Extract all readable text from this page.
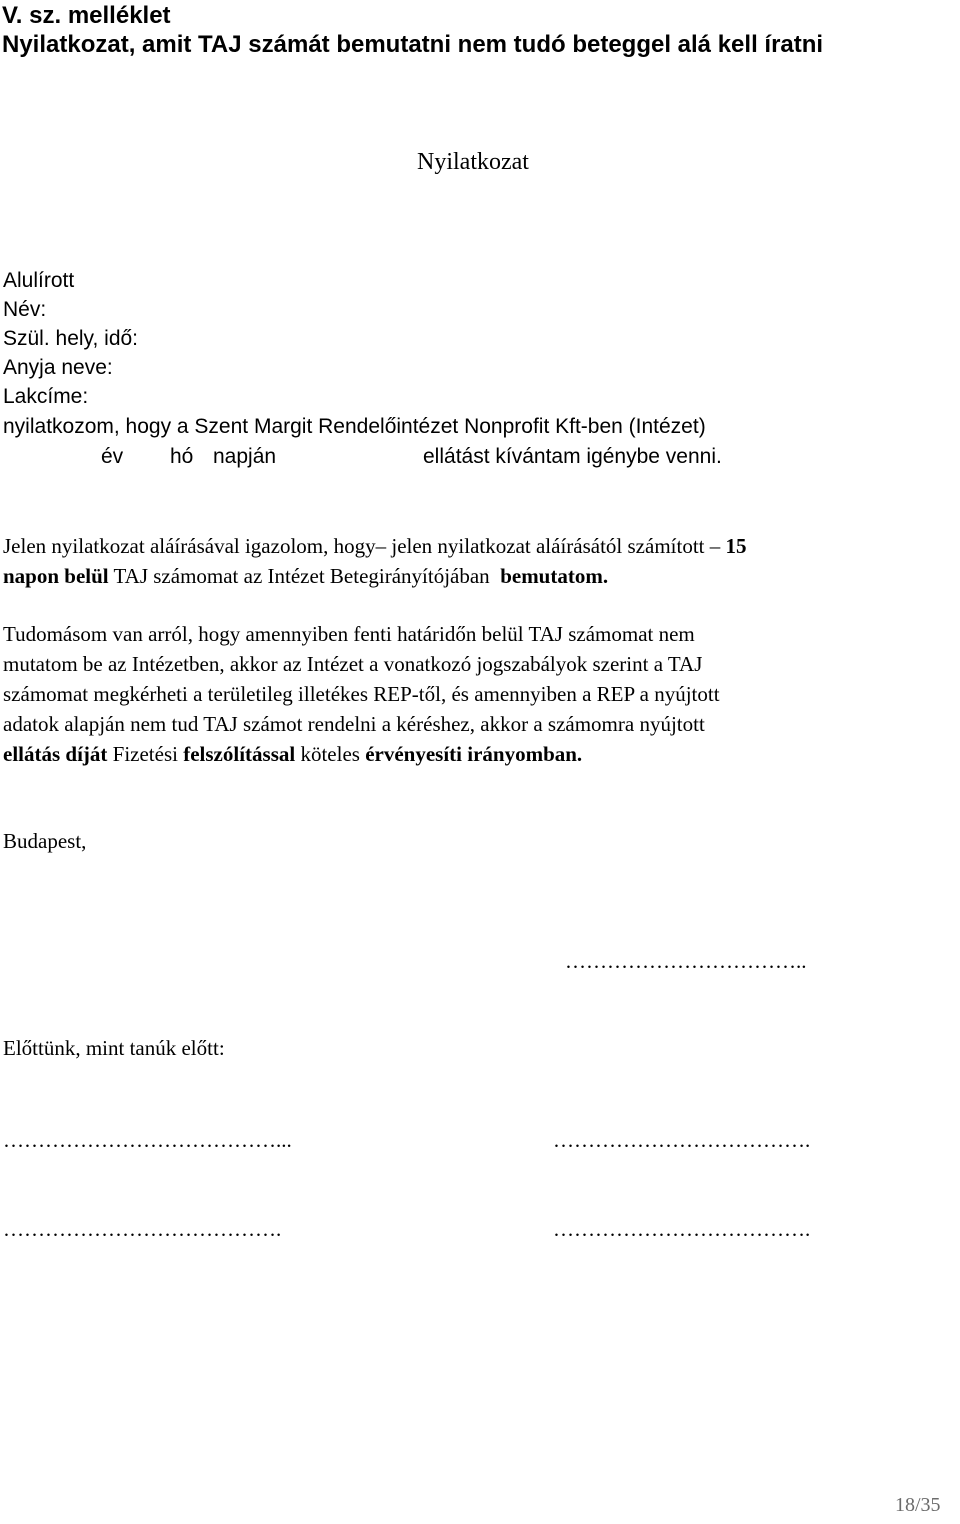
V. sz. melléklet
Nyilatkozat, amit TAJ számát bemutatni nem tudó beteggel alá kell íratni
Nyilatkozat
Alulírott
Név:
Szül. hely, idő:
Anyja neve:
Lakcíme:
nyilatkozom, hogy a Szent Margit Rendelőintézet Nonprofit Kft-ben (Intézet)
év hó napján	ellátást kívántam igénybe venni.

Jelen nyilatkozat aláírásával igazolom, hogy– jelen nyilatkozat aláírásától számított – 15

napon belül TAJ számomat az Intézet Betegirányítójában bemutatom.

Tudomásom van arról, hogy amennyiben fenti határidőn belül TAJ számomat nem

mutatom be az Intézetben, akkor az Intézet a vonatkozó jogszabályok szerint a TAJ

számomat megkérheti a területileg illetékes REP-től, és amennyiben a REP a nyújtott

adatok alapján nem tud TAJ számot rendelni a kéréshez, akkor a számomra nyújtott

ellátás díját Fizetési felszólítással köteles érvényesíti irányomban.

Budapest,
……………………………..
Előttünk, mint tanúk előtt:
…………………………………...	……………………………….
………………………………….	……………………………….
18/35
